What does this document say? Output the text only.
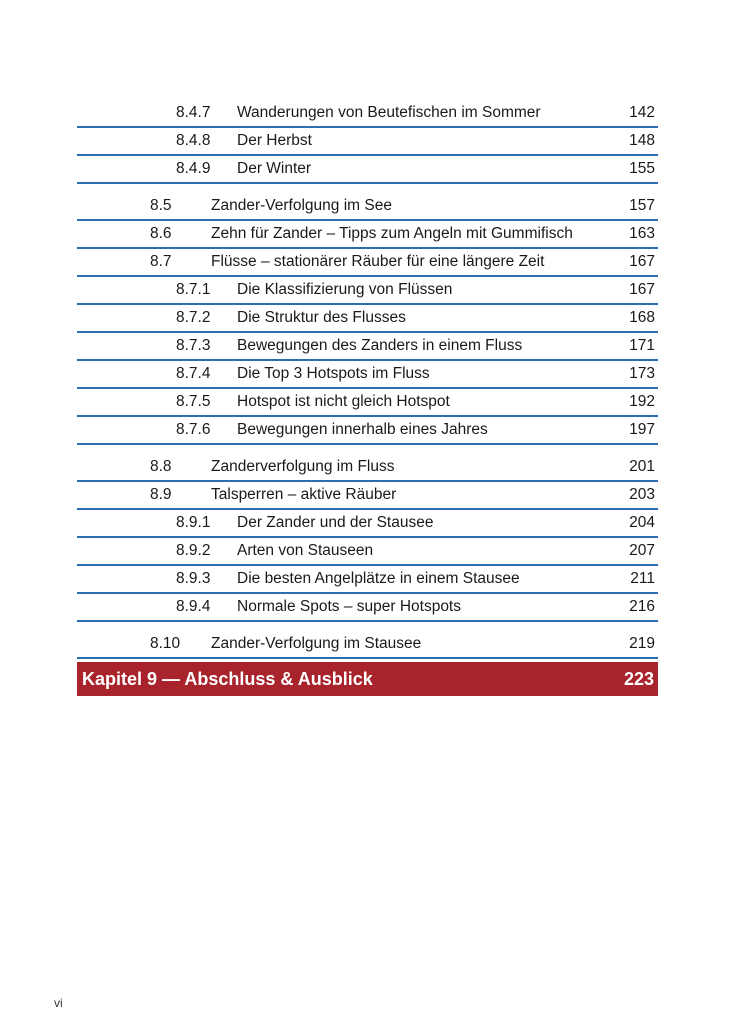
8.4.7 Wanderungen von Beutefischen im Sommer	142
8.4.8 Der Herbst	148
8.4.9 Der Winter	155
8.5	Zander-Verfolgung im See	157
8.6	Zehn für Zander – Tipps zum Angeln mit Gummifisch	163
8.7	Flüsse – stationärer Räuber für eine längere Zeit	167
8.7.1 Die Klassifizierung von Flüssen	167
8.7.2 Die Struktur des Flusses	168
8.7.3 Bewegungen des Zanders in einem Fluss	171
8.7.4 Die Top 3 Hotspots im Fluss	173
8.7.5 Hotspot ist nicht gleich Hotspot	192
8.7.6 Bewegungen innerhalb eines Jahres	197
8.8	Zanderverfolgung im Fluss	201
8.9	Talsperren – aktive Räuber	203
8.9.1 Der Zander und der Stausee	204
8.9.2 Arten von Stauseen	207
8.9.3 Die besten Angelplätze in einem Stausee	211
8.9.4 Normale Spots – super Hotspots	216
8.10 Zander-Verfolgung im Stausee	219
Kapitel 9 — Abschluss & Ausblick	223
vi
